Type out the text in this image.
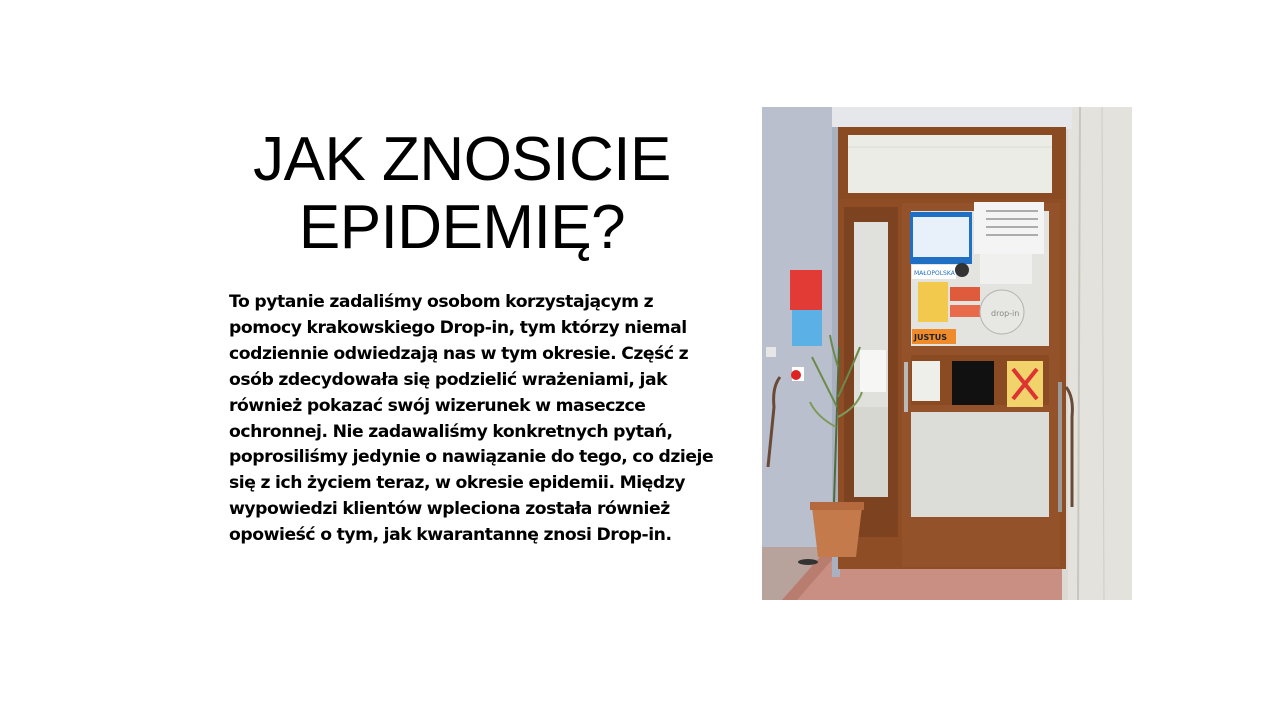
JAK ZNOSICIE EPIDEMIĘ?
To pytanie zadaliśmy osobom korzystającym z pomocy krakowskiego Drop-in, tym którzy niemal codziennie odwiedzają nas w tym okresie. Część z osób zdecydowała się podzielić wrażeniami, jak również pokazać swój wizerunek w maseczce ochronnej. Nie zadawaliśmy konkretnych pytań, poprosiliśmy jedynie o nawiązanie do tego, co dzieje się z ich życiem teraz, w okresie epidemii. Między wypowiedzi klientów wpleciona została również opowieść o tym, jak kwarantannę znosi Drop-in.
MAŁOPOLSKA
drop-in
JUSTUS
